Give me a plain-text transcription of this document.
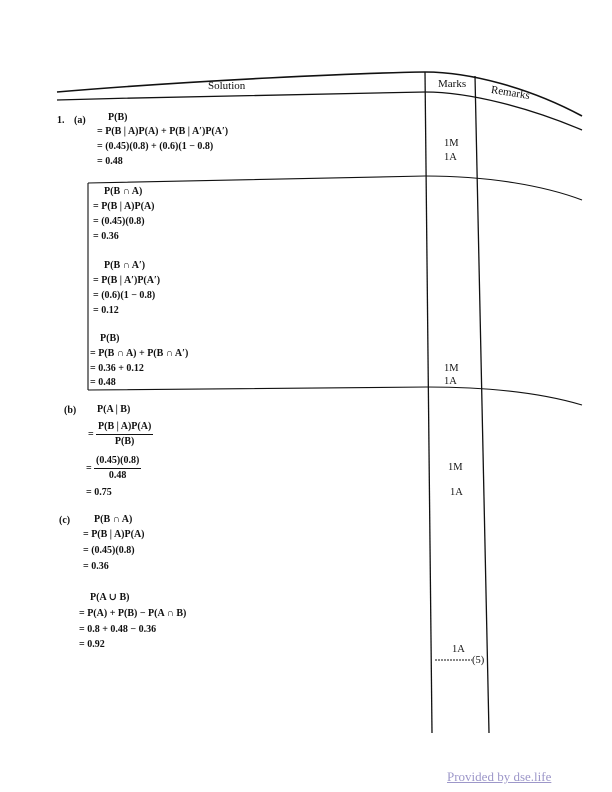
Solution	Marks Remarks
1. (a) P(B)
= P(B | A)P(A) + P(B | A′)P(A′)
= (0.45)(0.8) + (0.6)(1 − 0.8)
= 0.48
1M
1A
P(B ∩ A)
= P(B | A)P(A)
= (0.45)(0.8)
= 0.36
P(B ∩ A′)
= P(B | A′)P(A′)
= (0.6)(1 − 0.8)
= 0.12
P(B)
= P(B ∩ A) + P(B ∩ A′)
= 0.36 + 0.12
= 0.48
1M
1A
(b) P(A | B)
= $\frac{P(B | A)P(A)}{P(B)}$
= $\frac{(0.45)(0.8)}{0.48}$
= 0.75
1M
1A
(c) P(B ∩ A)
= P(B | A)P(A)
= (0.45)(0.8)
= 0.36
P(A ∪ B)
= P(A) + P(B) − P(A ∩ B)
= 0.8 + 0.48 − 0.36
= 0.92	1A
(5)
Provided by dse.life
